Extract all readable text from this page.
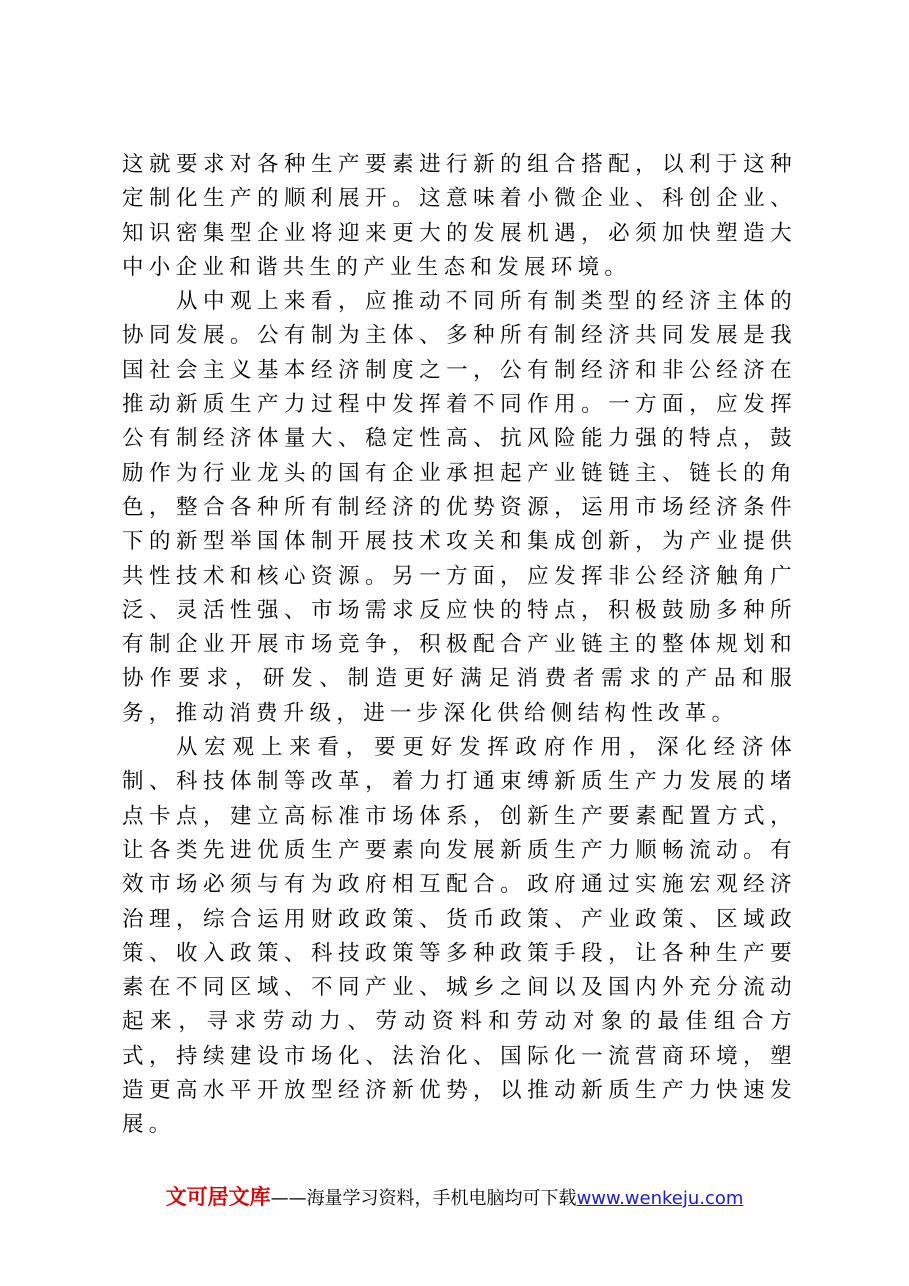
这就要求对各种生产要素进行新的组合搭配，以利于这种定制化生产的顺利展开。这意味着小微企业、科创企业、知识密集型企业将迎来更大的发展机遇，必须加快塑造大中小企业和谐共生的产业生态和发展环境。

从中观上来看，应推动不同所有制类型的经济主体的协同发展。公有制为主体、多种所有制经济共同发展是我国社会主义基本经济制度之一，公有制经济和非公经济在推动新质生产力过程中发挥着不同作用。一方面，应发挥公有制经济体量大、稳定性高、抗风险能力强的特点，鼓励作为行业龙头的国有企业承担起产业链链主、链长的角色，整合各种所有制经济的优势资源，运用市场经济条件下的新型举国体制开展技术攻关和集成创新，为产业提供共性技术和核心资源。另一方面，应发挥非公经济触角广泛、灵活性强、市场需求反应快的特点，积极鼓励多种所有制企业开展市场竞争，积极配合产业链主的整体规划和协作要求，研发、制造更好满足消费者需求的产品和服务，推动消费升级，进一步深化供给侧结构性改革。

从宏观上来看，要更好发挥政府作用，深化经济体制、科技体制等改革，着力打通束缚新质生产力发展的堵点卡点，建立高标准市场体系，创新生产要素配置方式，让各类先进优质生产要素向发展新质生产力顺畅流动。有效市场必须与有为政府相互配合。政府通过实施宏观经济治理，综合运用财政政策、货币政策、产业政策、区域政策、收入政策、科技政策等多种政策手段，让各种生产要素在不同区域、不同产业、城乡之间以及国内外充分流动起来，寻求劳动力、劳动资料和劳动对象的最佳组合方式，持续建设市场化、法治化、国际化一流营商环境，塑造更高水平开放型经济新优势，以推动新质生产力快速发展。

文可居文库——海量学习资料，手机电脑均可下载www.wenkeju.com
